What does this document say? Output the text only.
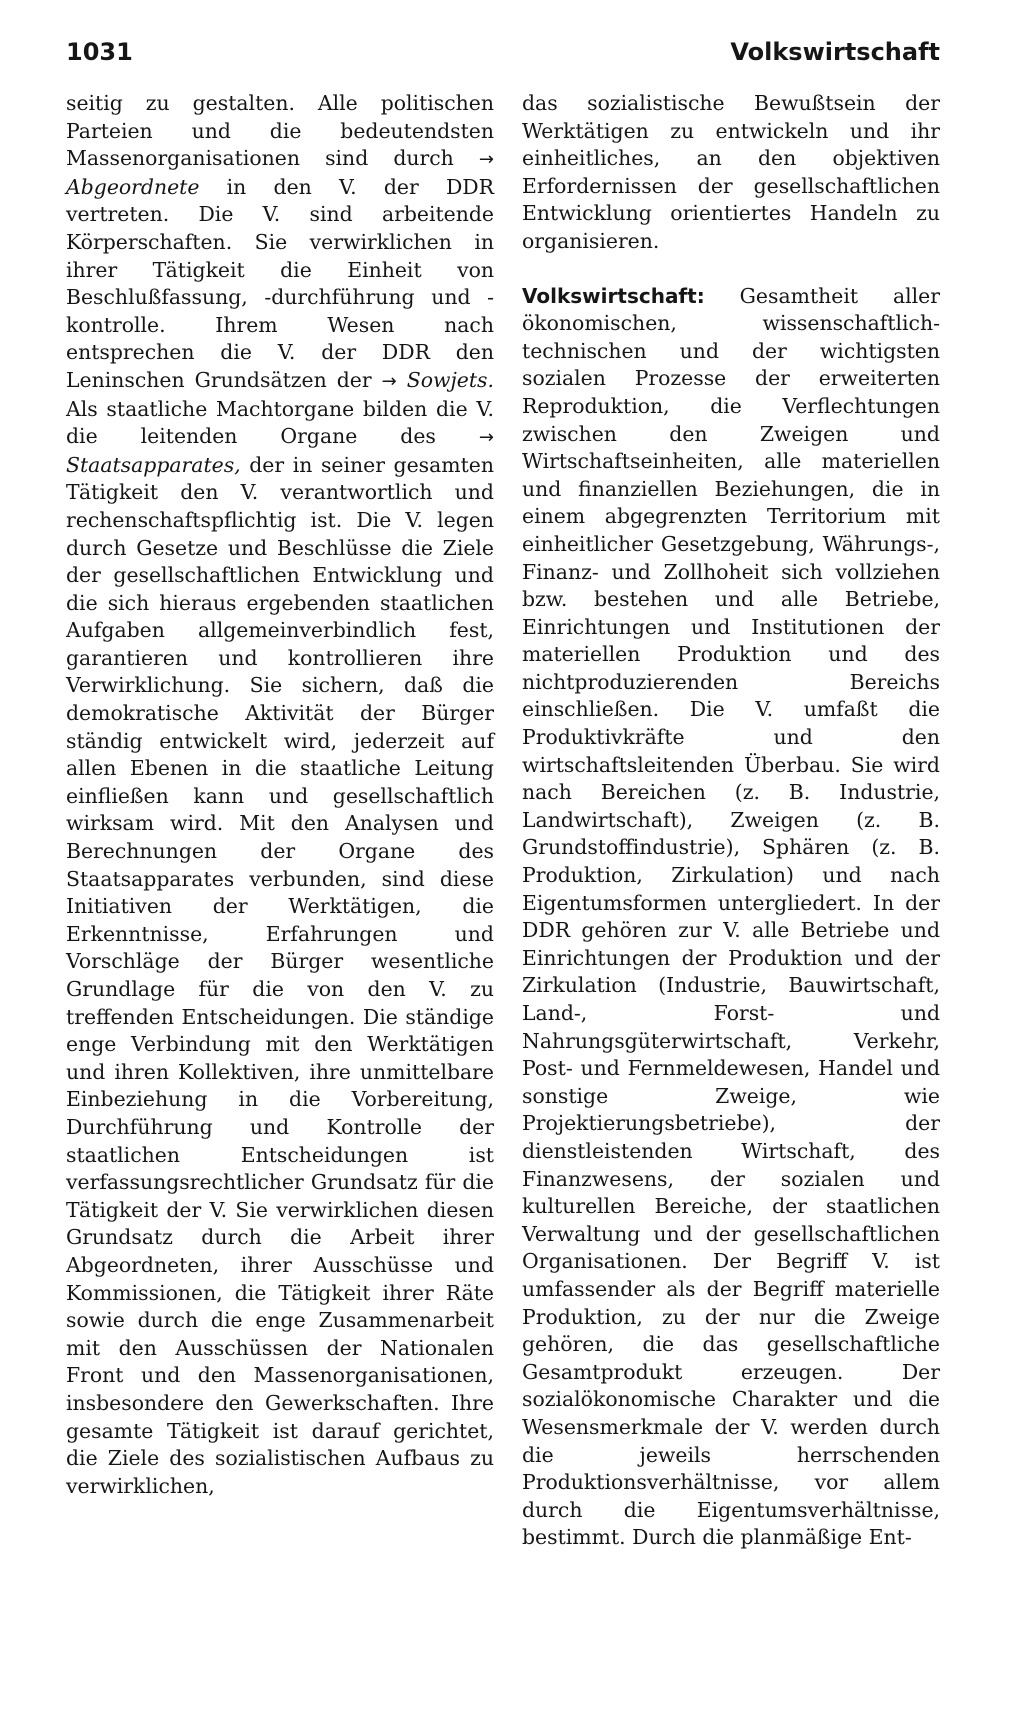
1031	Volkswirtschaft

seitig zu gestalten. Alle politischen Parteien und die bedeutendsten Massenorganisationen sind durch → Abgeordnete in den V. der DDR vertreten. Die V. sind arbeitende Körperschaften. Sie verwirklichen in ihrer Tätigkeit die Einheit von Beschlußfassung, -durchführung und -kontrolle. Ihrem Wesen nach entsprechen die V. der DDR den Leninschen Grundsätzen der → Sowjets. Als staatliche Machtorgane bilden die V. die leitenden Organe des → Staatsapparates, der in seiner gesamten Tätigkeit den V. verantwortlich und rechenschaftspflichtig ist. Die V. legen durch Gesetze und Beschlüsse die Ziele der gesellschaftlichen Entwicklung und die sich hieraus ergebenden staatlichen Aufgaben allgemeinverbindlich fest, garantieren und kontrollieren ihre Verwirklichung. Sie sichern, daß die demokratische Aktivität der Bürger ständig entwickelt wird, jederzeit auf allen Ebenen in die staatliche Leitung einfließen kann und gesellschaftlich wirksam wird. Mit den Analysen und Berechnungen der Organe des Staatsapparates verbunden, sind diese Initiativen der Werktätigen, die Erkenntnisse, Erfahrungen und Vorschläge der Bürger wesentliche Grundlage für die von den V. zu treffenden Entscheidungen. Die ständige enge Verbindung mit den Werktätigen und ihren Kollektiven, ihre unmittelbare Einbeziehung in die Vorbereitung, Durchführung und Kontrolle der staatlichen Entscheidungen ist verfassungsrechtlicher Grundsatz für die Tätigkeit der V. Sie verwirklichen diesen Grundsatz durch die Arbeit ihrer Abgeordneten, ihrer Ausschüsse und Kommissionen, die Tätigkeit ihrer Räte sowie durch die enge Zusammenarbeit mit den Ausschüssen der Nationalen Front und den Massenorganisationen, insbesondere den Gewerkschaften. Ihre gesamte Tätigkeit ist darauf gerichtet, die Ziele des sozialistischen Aufbaus zu verwirklichen,

das sozialistische Bewußtsein der Werktätigen zu entwickeln und ihr einheitliches, an den objektiven Erfordernissen der gesellschaftlichen Entwicklung orientiertes Handeln zu organisieren.

Volkswirtschaft: Gesamtheit aller ökonomischen, wissenschaftlich-technischen und der wichtigsten sozialen Prozesse der erweiterten Reproduktion, die Verflechtungen zwischen den Zweigen und Wirtschaftseinheiten, alle materiellen und finanziellen Beziehungen, die in einem abgegrenzten Territorium mit einheitlicher Gesetzgebung, Währungs-, Finanz- und Zollhoheit sich vollziehen bzw. bestehen und alle Betriebe, Einrichtungen und Institutionen der materiellen Produktion und des nichtproduzierenden Bereichs einschließen. Die V. umfaßt die Produktivkräfte und den wirtschaftsleitenden Überbau. Sie wird nach Bereichen (z. B. Industrie, Landwirtschaft), Zweigen (z. B. Grundstoffindustrie), Sphären (z. B. Produktion, Zirkulation) und nach Eigentumsformen untergliedert. In der DDR gehören zur V. alle Betriebe und Einrichtungen der Produktion und der Zirkulation (Industrie, Bauwirtschaft, Land-, Forst- und Nahrungsgüterwirtschaft, Verkehr, Post- und Fernmeldewesen, Handel und sonstige Zweige, wie Projektierungsbetriebe), der dienstleistenden Wirtschaft, des Finanzwesens, der sozialen und kulturellen Bereiche, der staatlichen Verwaltung und der gesellschaftlichen Organisationen. Der Begriff V. ist umfassender als der Begriff materielle Produktion, zu der nur die Zweige gehören, die das gesellschaftliche Gesamtprodukt erzeugen. Der sozialökonomische Charakter und die Wesensmerkmale der V. werden durch die jeweils herrschenden Produktionsverhältnisse, vor allem durch die Eigentumsverhältnisse, bestimmt. Durch die planmäßige Ent-
